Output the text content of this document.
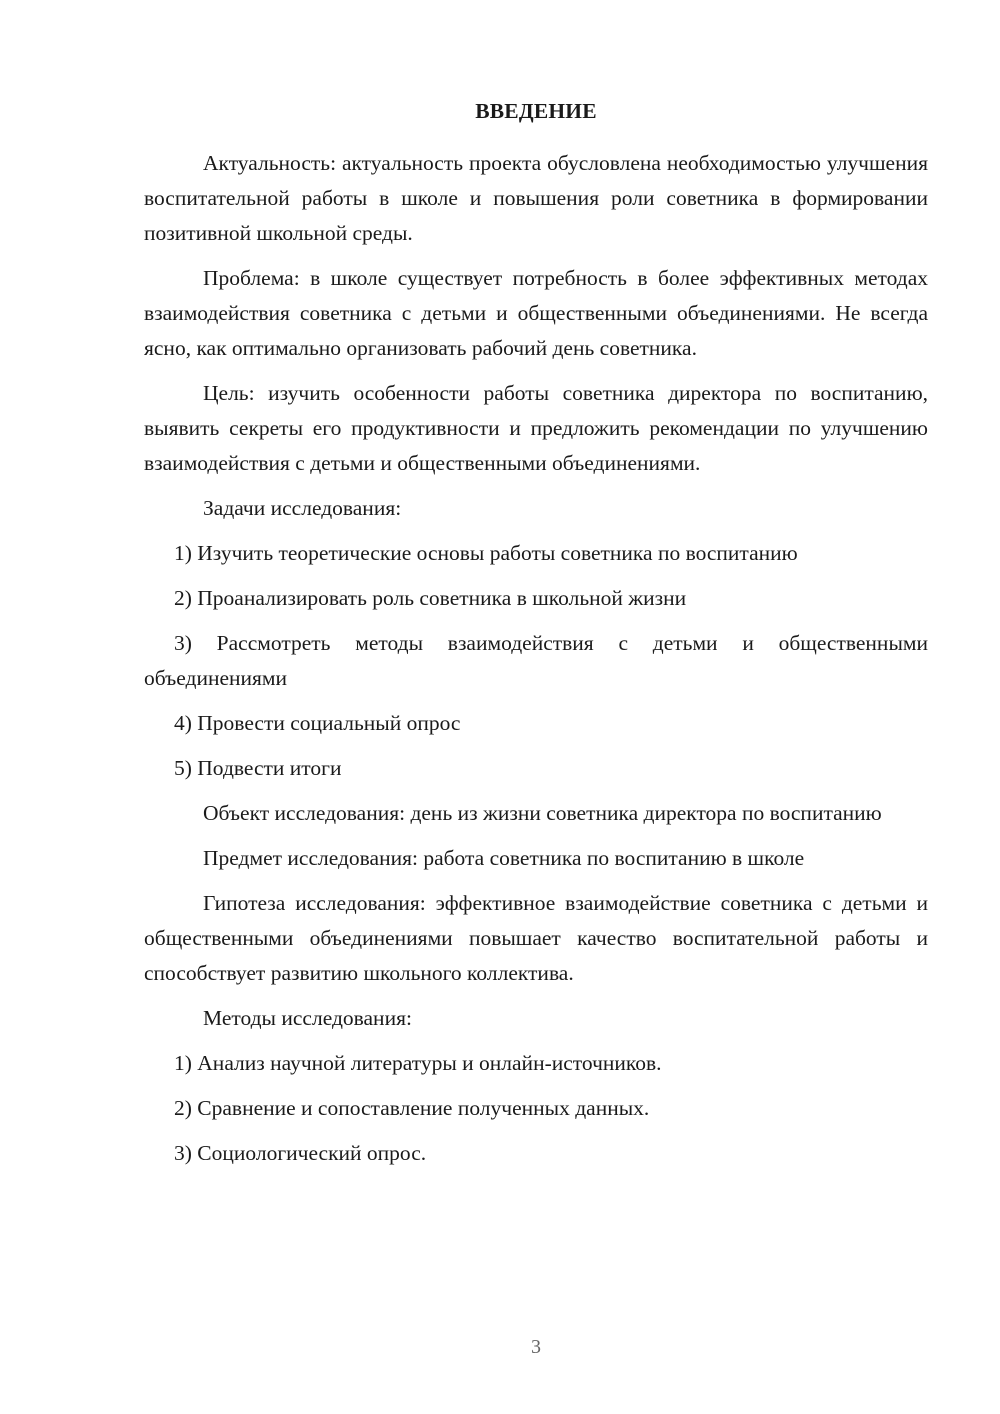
ВВЕДЕНИЕ

Актуальность: актуальность проекта обусловлена необходимостью улучшения воспитательной работы в школе и повышения роли советника в формировании позитивной школьной среды.

Проблема: в школе существует потребность в более эффективных методах взаимодействия советника с детьми и общественными объединениями. Не всегда ясно, как оптимально организовать рабочий день советника.

Цель: изучить особенности работы советника директора по воспитанию, выявить секреты его продуктивности и предложить рекомендации по улучшению взаимодействия с детьми и общественными объединениями.

Задачи исследования:

1) Изучить теоретические основы работы советника по воспитанию

2) Проанализировать роль советника в школьной жизни

3) Рассмотреть методы взаимодействия с детьми и общественными объединениями

4) Провести социальный опрос

5) Подвести итоги

Объект исследования: день из жизни советника директора по воспитанию

Предмет исследования: работа советника по воспитанию в школе

Гипотеза исследования: эффективное взаимодействие советника с детьми и общественными объединениями повышает качество воспитательной работы и способствует развитию школьного коллектива.

Методы исследования:

1) Анализ научной литературы и онлайн-источников.

2) Сравнение и сопоставление полученных данных.

3) Социологический опрос.

3
